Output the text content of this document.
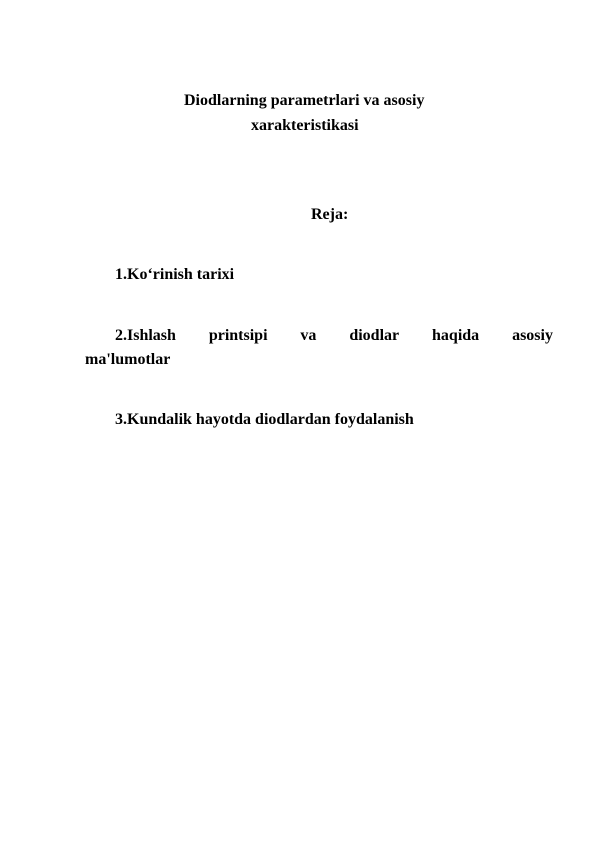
Diodlarning parametrlari va asosiy
xarakteristikasi
Reja:
1.Ko‘rinish tarixi
2.Ishlash printsipi va diodlar haqida asosiy
ma'lumotlar
3.Kundalik hayotda diodlardan foydalanish
